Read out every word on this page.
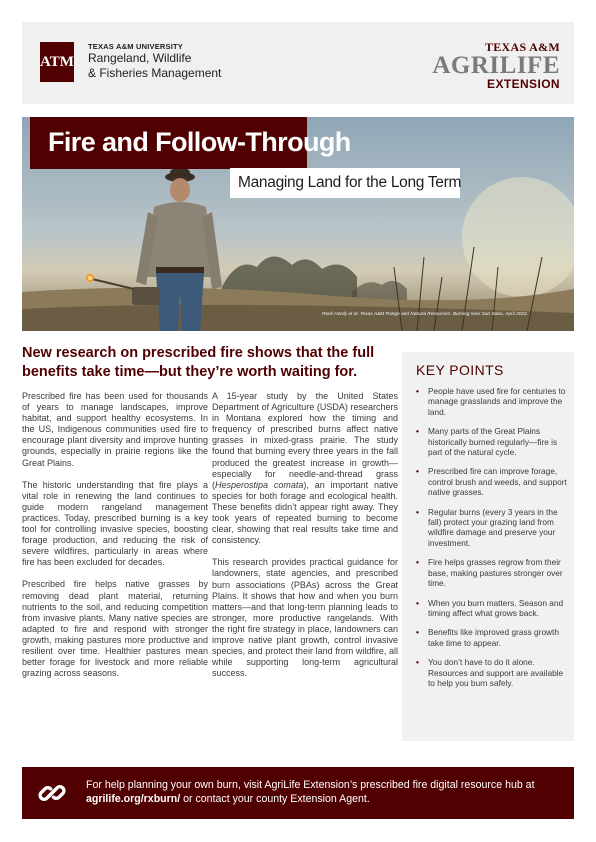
ATM
TEXAS A&M UNIVERSITY
Rangeland, Wildlife
& Fisheries Management
TEXAS A&M
AGRILIFE
EXTENSION
Fire and Follow-Through
Managing Land for the Long Term
Rock Hardy et al. Texas A&M Range and Natural Resources. Burning near San Saba, April 2022.
New research on prescribed fire shows that the full benefits take time—but they’re worth waiting for.

Prescribed fire has been used for thousands of years to manage landscapes, improve habitat, and support healthy ecosystems. In the US, Indigenous communities used fire to encourage plant diversity and improve hunting grounds, especially in prairie regions like the Great Plains.

The historic understanding that fire plays a vital role in renewing the land continues to guide modern rangeland management practices. Today, prescribed burning is a key tool for controlling invasive species, boosting forage production, and reducing the risk of severe wildfires, particularly in areas where fire has been excluded for decades.

Prescribed fire helps native grasses by removing dead plant material, returning nutrients to the soil, and reducing competition from invasive plants. Many native species are adapted to fire and respond with stronger growth, making pastures more productive and resilient over time. Healthier pastures mean better forage for livestock and more reliable grazing across seasons.

A 15-year study by the United States Department of Agriculture (USDA) researchers in Montana explored how the timing and frequency of prescribed burns affect native grasses in mixed-grass prairie. The study found that burning every three years in the fall produced the greatest increase in growth—especially for needle-and-thread grass (Hesperostipa comata), an important native species for both forage and ecological health. These benefits didn’t appear right away. They took years of repeated burning to become clear, showing that real results take time and consistency.

This research provides practical guidance for landowners, state agencies, and prescribed burn associations (PBAs) across the Great Plains. It shows that how and when you burn matters—and that long-term planning leads to stronger, more productive rangelands. With the right fire strategy in place, landowners can improve native plant growth, control invasive species, and protect their land from wildfire, all while supporting long-term agricultural success.

KEY POINTS
• People have used fire for centuries to manage grasslands and improve the land.
• Many parts of the Great Plains historically burned regularly—fire is part of the natural cycle.
• Prescribed fire can improve forage, control brush and weeds, and support native grasses.
• Regular burns (every 3 years in the fall) protect your grazing land from wildfire damage and preserve your investment.
• Fire helps grasses regrow from their base, making pastures stronger over time.
• When you burn matters. Season and timing affect what grows back.
• Benefits like improved grass growth take time to appear.
• You don’t have to do it alone. Resources and support are available to help you burn safely.
For help planning your own burn, visit AgriLife Extension’s prescribed fire digital resource hub at agrilife.org/rxburn/ or contact your county Extension Agent.
